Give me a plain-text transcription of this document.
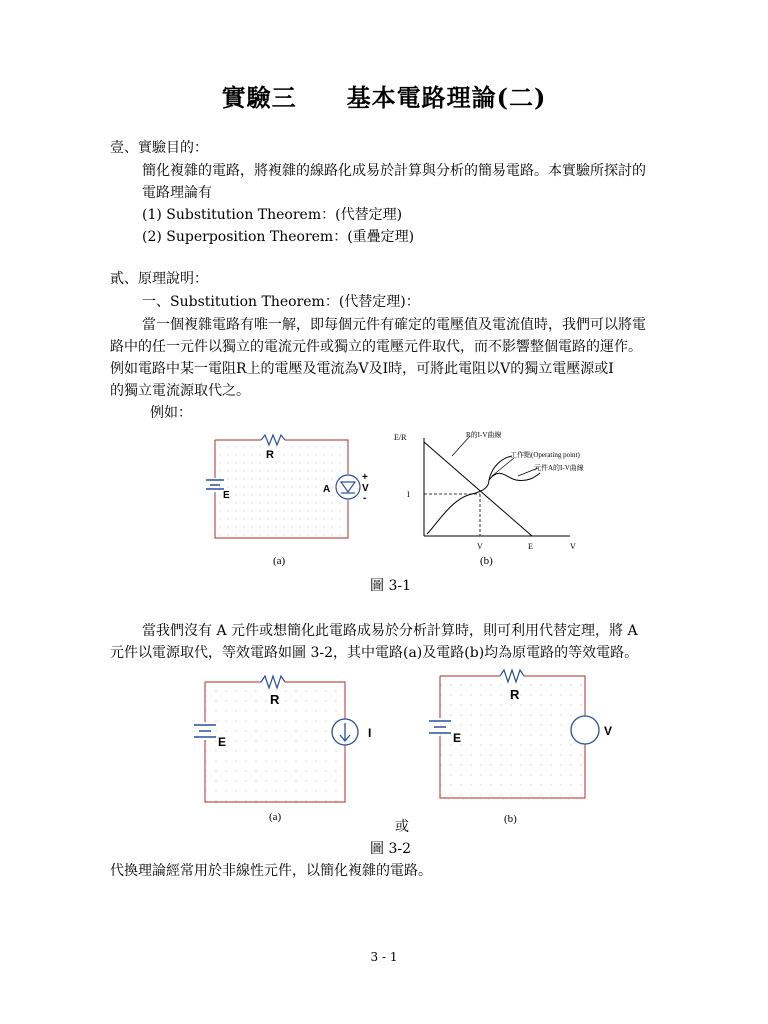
實驗三　　基本電路理論(二)
壹、實驗目的：
簡化複雜的電路，將複雜的線路化成易於計算與分析的簡易電路。本實驗所探討的
電路理論有
(1) Substitution Theorem：(代替定理)
(2) Superposition Theorem：(重疊定理)
貳、原理說明：
一、Substitution Theorem：(代替定理)：
當一個複雜電路有唯一解，即每個元件有確定的電壓值及電流值時，我們可以將電
路中的任一元件以獨立的電流元件或獨立的電壓元件取代，而不影響整個電路的運作。
例如電路中某一電阻R上的電壓及電流為V及I時，可將此電阻以V的獨立電壓源或I
的獨立電流源取代之。
例如：
R
E
A
+
V
-
(a)
E/R	R的I-V曲線
工作點(Operating point)
元件A的I-V曲線
I
V	E	V
(b)
圖 3-1
當我們沒有 A 元件或想簡化此電路成易於分析計算時，則可利用代替定理，將 A
元件以電源取代，等效電路如圖 3-2，其中電路(a)及電路(b)均為原電路的等效電路。
R
E
I
(a)
或
R
E	V
(b)
圖 3-2
代換理論經常用於非線性元件，以簡化複雜的電路。
3 - 1
